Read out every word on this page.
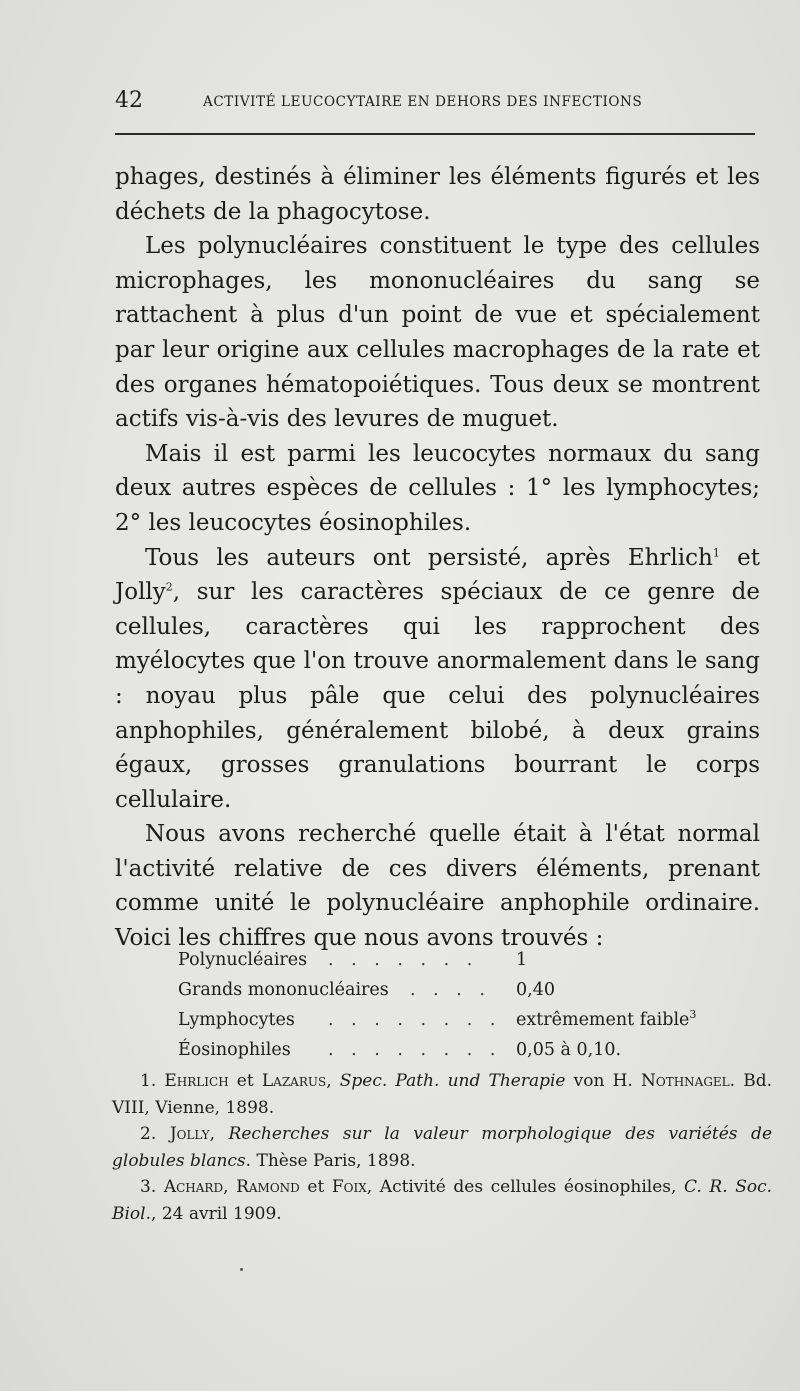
42	ACTIVITÉ LEUCOCYTAIRE EN DEHORS DES INFECTIONS

phages, destinés à éliminer les éléments figurés et les déchets de la phagocytose.

Les polynucléaires constituent le type des cellules microphages, les mononucléaires du sang se rattachent à plus d'un point de vue et spécialement par leur origine aux cellules macrophages de la rate et des organes hématopoiétiques. Tous deux se montrent actifs vis-à-vis des levures de muguet.

Mais il est parmi les leucocytes normaux du sang deux autres espèces de cellules : 1° les lymphocytes; 2° les leucocytes éosinophiles.

Tous les auteurs ont persisté, après Ehrlich$^1$ et Jolly$^2$, sur les caractères spéciaux de ce genre de cellules, caractères qui les rapprochent des myélocytes que l'on trouve anormalement dans le sang : noyau plus pâle que celui des polynucléaires anphophiles, généralement bilobé, à deux grains égaux, grosses granulations bourrant le corps cellulaire.

Nous avons recherché quelle était à l'état normal l'activité relative de ces divers éléments, prenant comme unité le polynucléaire anphophile ordinaire. Voici les chiffres que nous avons trouvés :

Polynucléaires . . . . . . . 1
Grands mononucléaires . . . . 0,40
Lymphocytes . . . . . . . . extrêmement faible$^3$
Éosinophiles . . . . . . . . 0,05 à 0,10.

1. Ehrlich et Lazarus, Spec. Path. und Therapie von H. Nothnagel. Bd. VIII, Vienne, 1898.

2. Jolly, Recherches sur la valeur morphologique des variétés de globules blancs. Thèse Paris, 1898.

3. Achard, Ramond et Foix, Activité des cellules éosinophiles, C. R. Soc. Biol., 24 avril 1909.
